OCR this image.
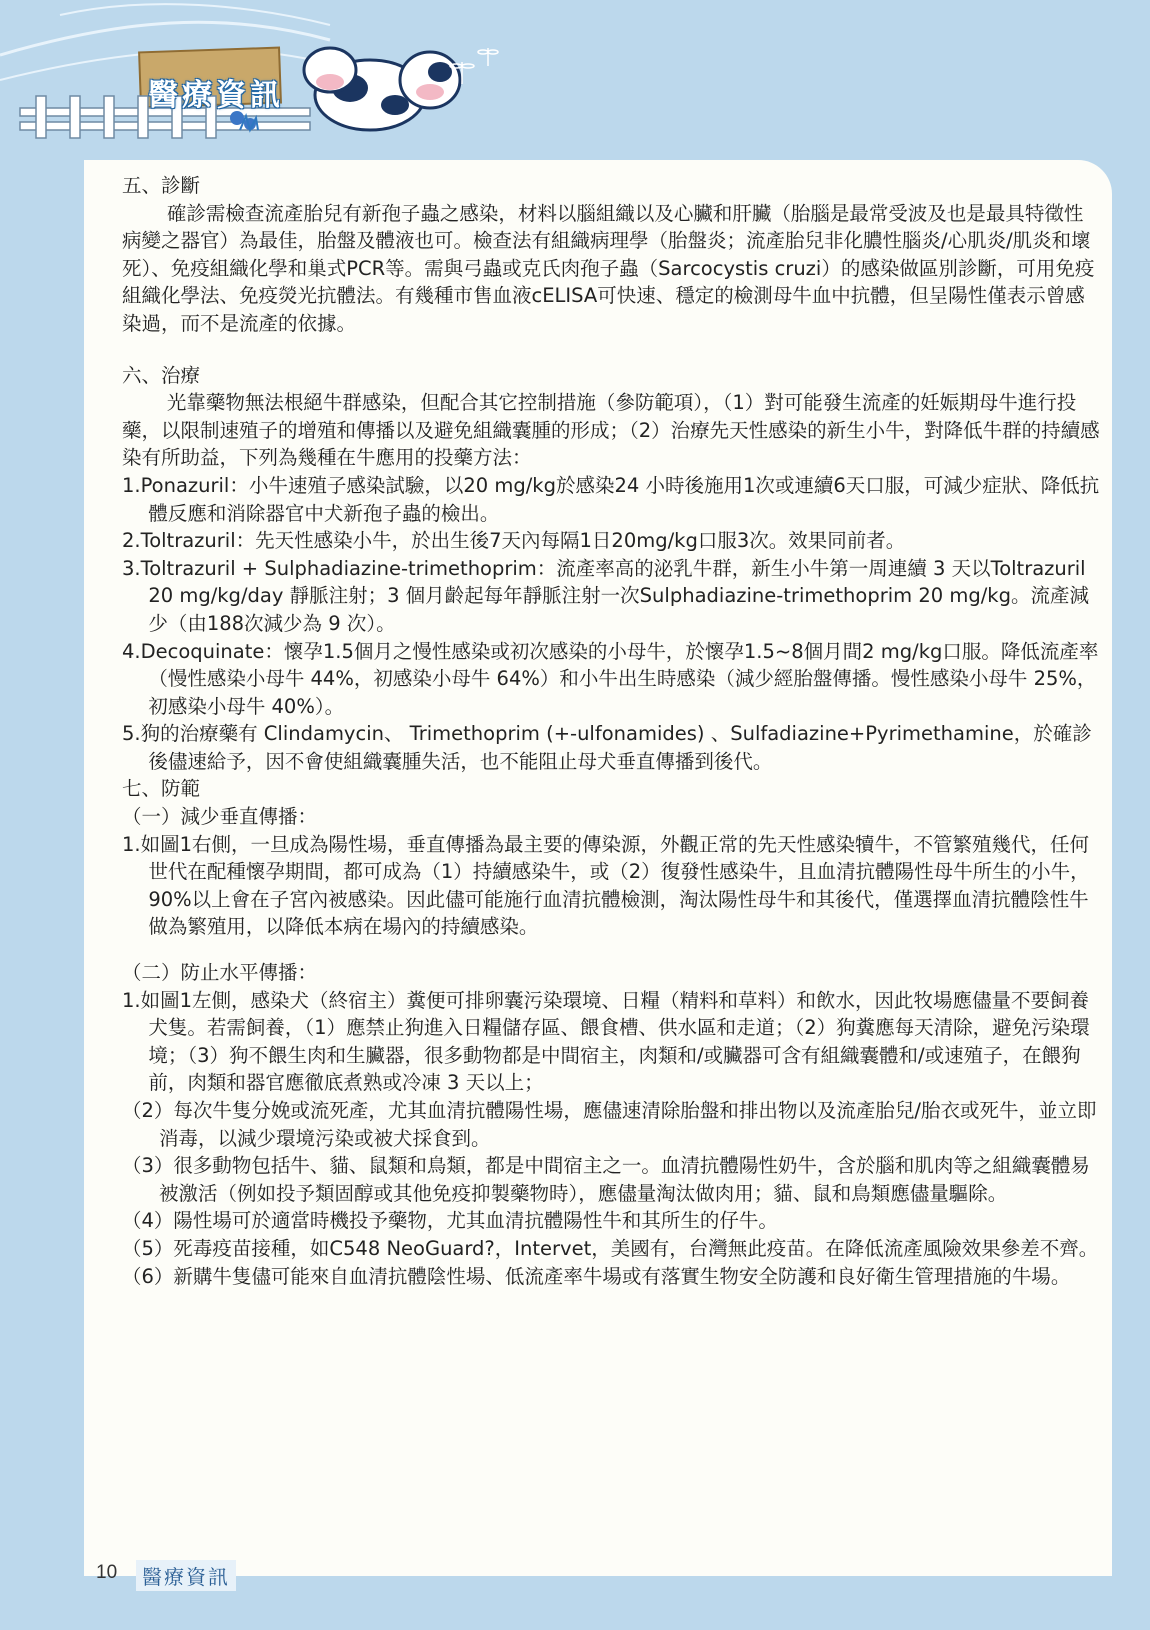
醫療資訊

五、診斷

確診需檢查流產胎兒有新孢子蟲之感染，材料以腦組織以及心臟和肝臟（胎腦是最常受波及也是最具特徵性病變之器官）為最佳，胎盤及體液也可。檢查法有組織病理學（胎盤炎；流產胎兒非化膿性腦炎/心肌炎/肌炎和壞死）、免疫組織化學和巢式PCR等。需與弓蟲或克氏肉孢子蟲（Sarcocystis cruzi）的感染做區別診斷，可用免疫組織化學法、免疫熒光抗體法。有幾種市售血液cELISA可快速、穩定的檢測母牛血中抗體，但呈陽性僅表示曾感染過，而不是流產的依據。

六、治療

光靠藥物無法根絕牛群感染，但配合其它控制措施（參防範項），（1）對可能發生流產的妊娠期母牛進行投藥，以限制速殖子的增殖和傳播以及避免組織囊腫的形成；（2）治療先天性感染的新生小牛，對降低牛群的持續感染有所助益，下列為幾種在牛應用的投藥方法：

1.Ponazuril：小牛速殖子感染試驗，以20 mg/kg於感染24 小時後施用1次或連續6天口服，可減少症狀、降低抗體反應和消除器官中犬新孢子蟲的檢出。

2.Toltrazuril：先天性感染小牛，於出生後7天內每隔1日20mg/kg口服3次。效果同前者。

3.Toltrazuril + Sulphadiazine-trimethoprim：流產率高的泌乳牛群，新生小牛第一周連續 3 天以Toltrazuril 20 mg/kg/day 靜脈注射；3 個月齡起每年靜脈注射一次Sulphadiazine-trimethoprim 20 mg/kg。流產減少（由188次減少為 9 次）。

4.Decoquinate：懷孕1.5個月之慢性感染或初次感染的小母牛，於懷孕1.5~8個月間2 mg/kg口服。降低流產率（慢性感染小母牛 44%，初感染小母牛 64%）和小牛出生時感染（減少經胎盤傳播。慢性感染小母牛 25%，初感染小母牛 40%）。

5.狗的治療藥有 Clindamycin、 Trimethoprim (+-ulfonamides) 、Sulfadiazine+Pyrimethamine，於確診後儘速給予，因不會使組織囊腫失活，也不能阻止母犬垂直傳播到後代。

七、防範

（一）減少垂直傳播：

1.如圖1右側，一旦成為陽性場，垂直傳播為最主要的傳染源，外觀正常的先天性感染犢牛，不管繁殖幾代，任何世代在配種懷孕期間，都可成為（1）持續感染牛，或（2）復發性感染牛，且血清抗體陽性母牛所生的小牛，90%以上會在子宮內被感染。因此儘可能施行血清抗體檢測，淘汰陽性母牛和其後代，僅選擇血清抗體陰性牛做為繁殖用，以降低本病在場內的持續感染。

（二）防止水平傳播：

1.如圖1左側，感染犬（終宿主）糞便可排卵囊污染環境、日糧（精料和草料）和飲水，因此牧場應儘量不要飼養犬隻。若需飼養，（1）應禁止狗進入日糧儲存區、餵食槽、供水區和走道；（2）狗糞應每天清除，避免污染環境；（3）狗不餵生肉和生臟器，很多動物都是中間宿主，肉類和/或臟器可含有組織囊體和/或速殖子，在餵狗前，肉類和器官應徹底煮熟或冷凍 3 天以上；

（2）每次牛隻分娩或流死產，尤其血清抗體陽性場，應儘速清除胎盤和排出物以及流產胎兒/胎衣或死牛，並立即消毒，以減少環境污染或被犬採食到。

（3）很多動物包括牛、貓、鼠類和鳥類，都是中間宿主之一。血清抗體陽性奶牛，含於腦和肌肉等之組織囊體易被激活（例如投予類固醇或其他免疫抑製藥物時），應儘量淘汰做肉用；貓、鼠和鳥類應儘量驅除。

（4）陽性場可於適當時機投予藥物，尤其血清抗體陽性牛和其所生的仔牛。

（5）死毒疫苗接種，如C548 NeoGuard?，Intervet，美國有，台灣無此疫苗。在降低流產風險效果參差不齊。

（6）新購牛隻儘可能來自血清抗體陰性場、低流產率牛場或有落實生物安全防護和良好衛生管理措施的牛場。

10	醫療資訊
